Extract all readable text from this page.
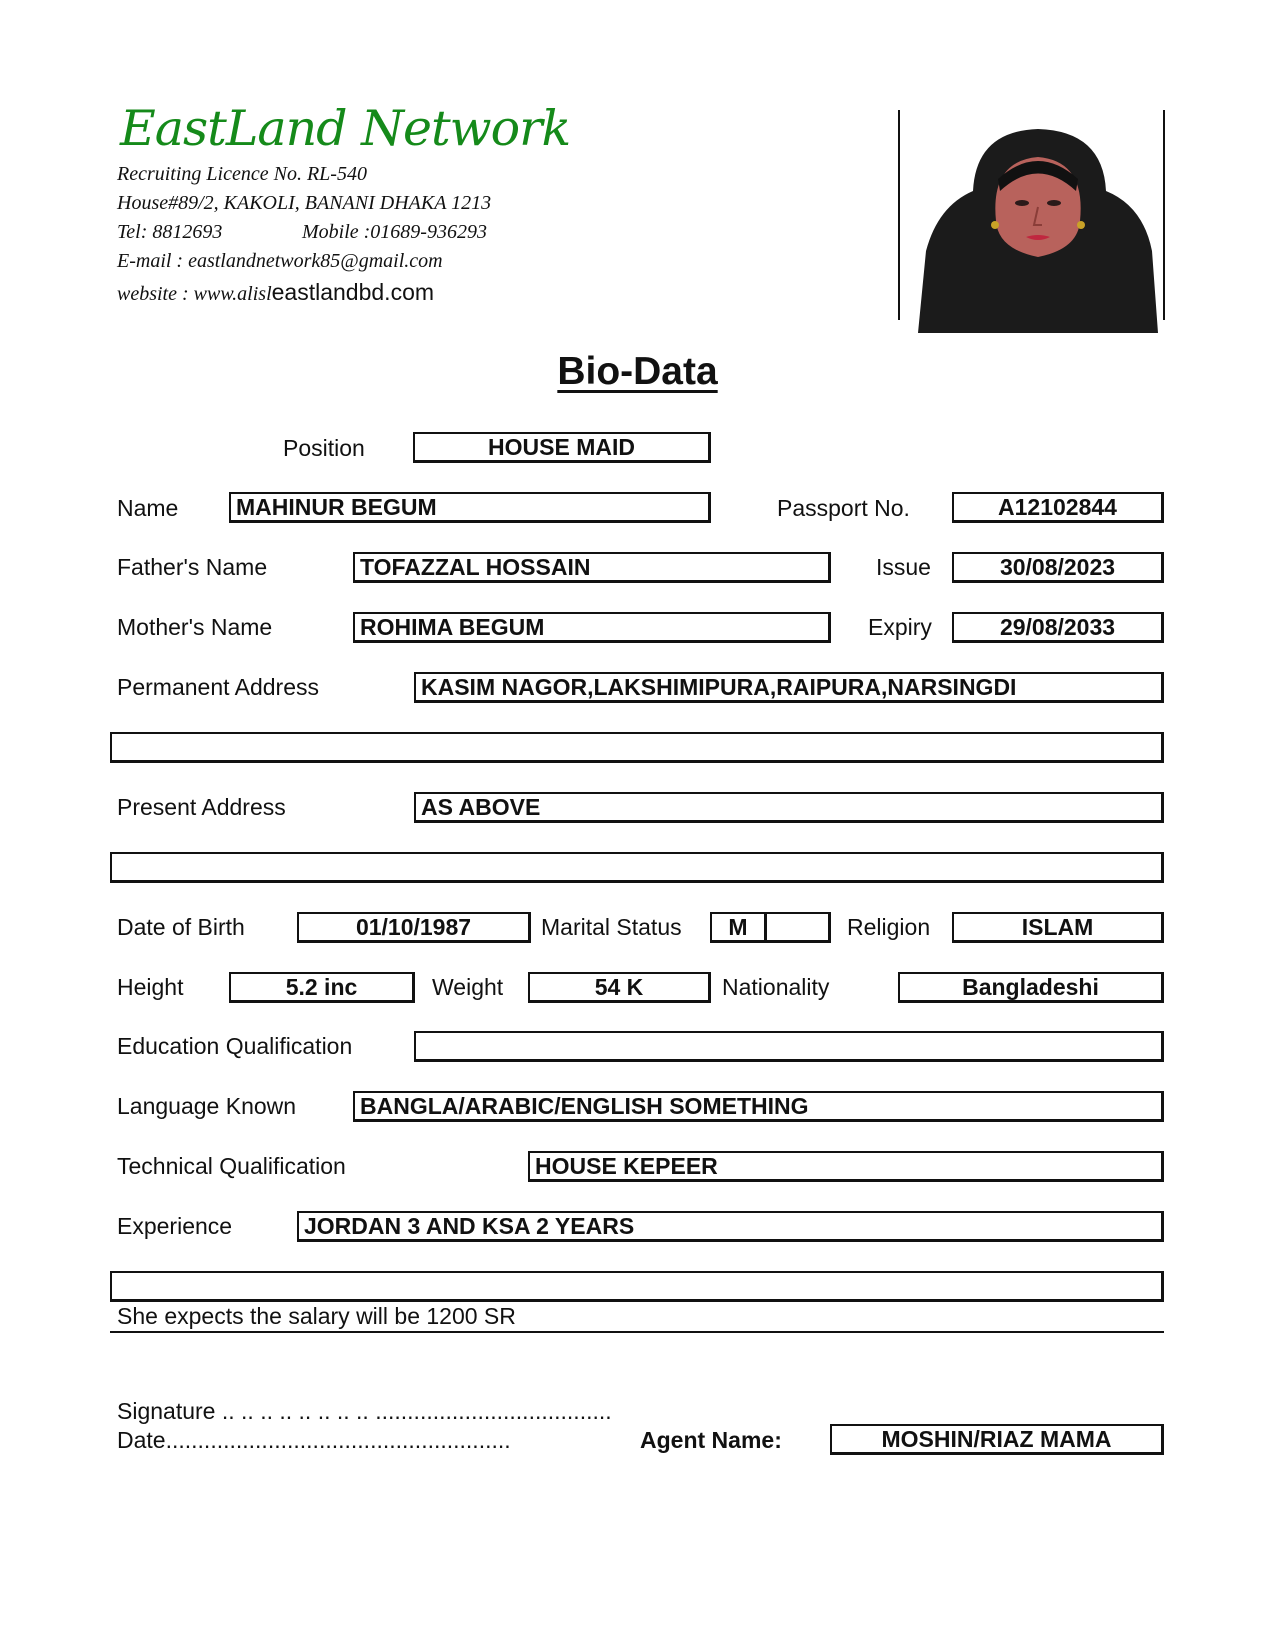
EastLand Network
Recruiting Licence No. RL-540
House#89/2, KAKOLI, BANANI DHAKA 1213
Tel: 8812693	Mobile :01689-936293
E-mail : eastlandnetwork85@gmail.com
website : www.alisleastlandbd.com
Bio-Data
Position	HOUSE MAID
Name	MAHINUR BEGUM	Passport No.	A12102844
Father's Name	TOFAZZAL HOSSAIN	Issue	30/08/2023
Mother's Name	ROHIMA BEGUM	Expiry	29/08/2033
Permanent Address	KASIM NAGOR,LAKSHIMIPURA,RAIPURA,NARSINGDI
Present Address	AS ABOVE
Date of Birth	01/10/1987	Marital Status	M	Religion	ISLAM
Height	5.2 inc	Weight	54 K	Nationality	Bangladeshi
Education Qualification
Language Known	BANGLA/ARABIC/ENGLISH SOMETHING
Technical Qualification	HOUSE KEPEER
Experience	JORDAN 3 AND KSA 2 YEARS
She expects the salary will be 1200 SR
Signature .. .. .. .. .. .. .. .. .....................................
Date......................................................	Agent Name:	MOSHIN/RIAZ MAMA
